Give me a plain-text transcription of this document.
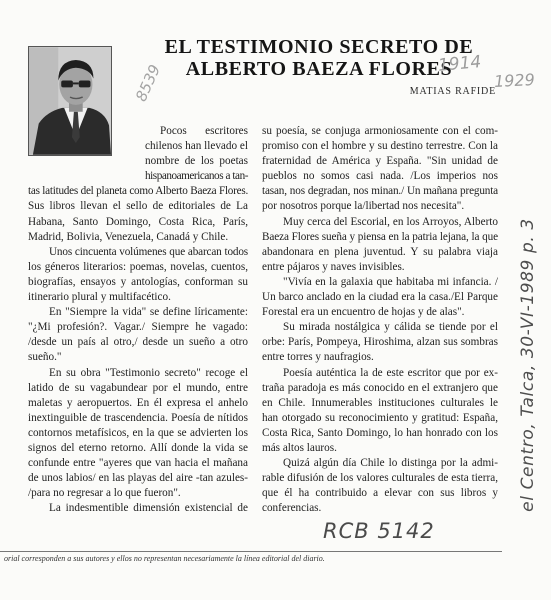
EL TESTIMONIO SECRETO DE
ALBERTO BAEZA FLORES
MATIAS RAFIDE
8539	1914
1929
Pocos escritores
chilenos han llevado el
nombre de los poetas
hispanoamericanos a tan-
tas latitudes del planeta como Alberto Baeza Flores.
Sus libros llevan el sello de editoriales de La
Habana, Santo Domingo, Costa Rica, París,
Madrid, Bolivia, Venezuela, Canadá y Chile.
Unos cincuenta volúmenes que abarcan todos
los géneros literarios: poemas, novelas, cuentos,
biografías, ensayos y antologías, conforman su
itinerario plural y multifacético.
En "Siempre la vida" se define líricamente:
"¿Mi profesión?. Vagar./ Siempre he vagado:
/desde un país al otro,/ desde un sueño a otro
sueño."
En su obra "Testimonio secreto" recoge el
latido de su vagabundear por el mundo, entre
maletas y aeropuertos. En él expresa el anhelo
inextinguible de trascendencia. Poesía de nítidos
contornos metafísicos, en la que se advierten los
signos del eterno retorno. Allí donde la vida se
confunde entre "ayeres que van hacia el mañana
de unos labios/ en las playas del aire -tan azules-
/para no regresar a lo que fueron".
La indesmentible dimensión existencial de
su poesía, se conjuga armoniosamente con el com-
promiso con el hombre y su destino terrestre. Con la
fraternidad de América y España. "Sin unidad de
pueblos no somos casi nada. /Los imperios nos
tasan, nos degradan, nos minan./ Un mañana pregunta
por nosotros porque la/libertad nos necesita".
Muy cerca del Escorial, en los Arroyos, Alberto
Baeza Flores sueña y piensa en la patria lejana, la que
abandonara en plena juventud. Y su palabra viaja
entre pájaros y naves invisibles.
"Vivía en la galaxia que habitaba mi infancia. /
Un barco anclado en la ciudad era la casa./El Parque
Forestal era un encuentro de hojas y de alas".
Su mirada nostálgica y cálida se tiende por el
orbe: París, Pompeya, Hiroshima, alzan sus sombras
entre torres y naufragios.
Poesía auténtica la de este escritor que por ex-
traña paradoja es más conocido en el extranjero que
en Chile. Innumerables instituciones culturales le
han otorgado su reconocimiento y gratitud: España,
Costa Rica, Santo Domingo, lo han honrado con los
más altos lauros.
Quizá algún día Chile lo distinga por la admi-
rable difusión de los valores culturales de esta tierra,
que él ha contribuido a elevar con sus libros y
conferencias.	el Centro, Talca, 30-VI-1989 p. 3
RCB 5142
orial corresponden a sus autores y ellos no representan necesariamente la línea editorial del diario.
